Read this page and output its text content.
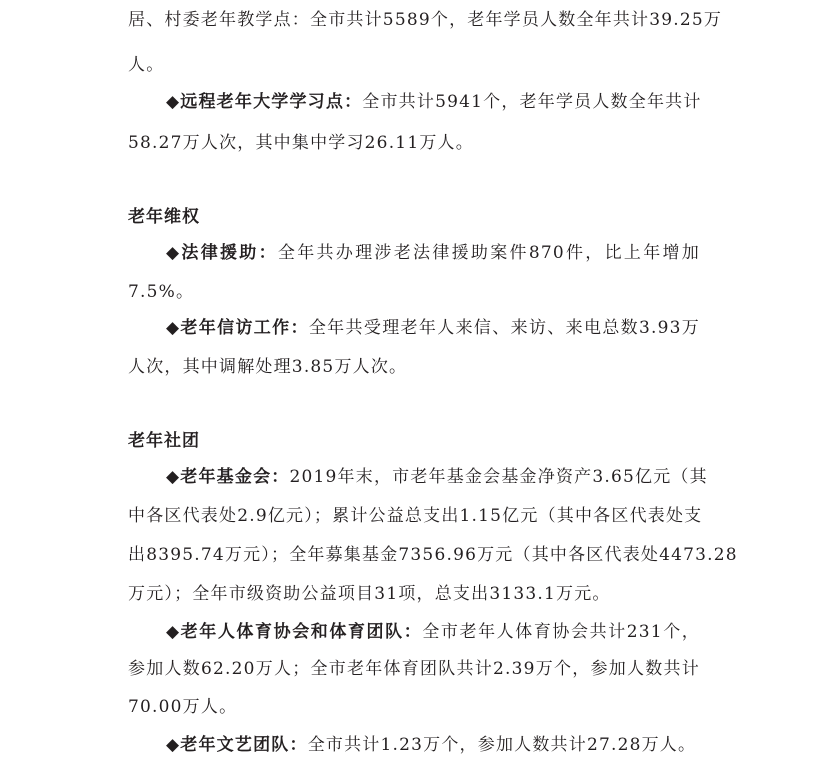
居、村委老年教学点：全市共计5589个，老年学员人数全年共计39.25万
人。
◆远程老年大学学习点：全市共计5941个，老年学员人数全年共计
58.27万人次，其中集中学习26.11万人。
老年维权
◆法律援助：全年共办理涉老法律援助案件870件，比上年增加
7.5%。
◆老年信访工作：全年共受理老年人来信、来访、来电总数3.93万
人次，其中调解处理3.85万人次。
老年社团
◆老年基金会：2019年末，市老年基金会基金净资产3.65亿元（其
中各区代表处2.9亿元）；累计公益总支出1.15亿元（其中各区代表处支
出8395.74万元）；全年募集基金7356.96万元（其中各区代表处4473.28
万元）；全年市级资助公益项目31项，总支出3133.1万元。
◆老年人体育协会和体育团队：全市老年人体育协会共计231个，
参加人数62.20万人；全市老年体育团队共计2.39万个，参加人数共计
70.00万人。
◆老年文艺团队：全市共计1.23万个，参加人数共计27.28万人。
